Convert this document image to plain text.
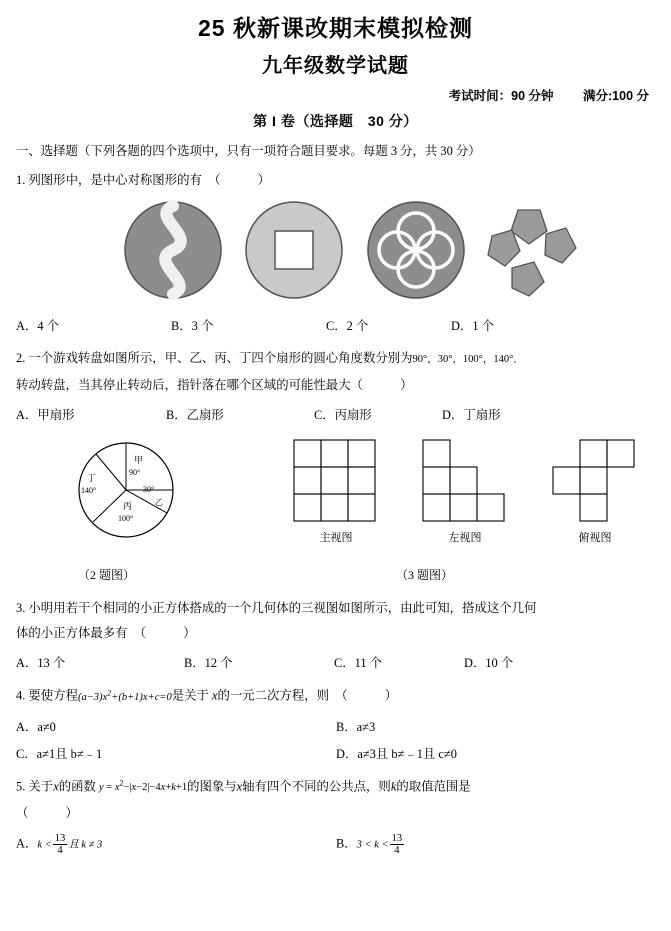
25 秋新课改期末模拟检测
九年级数学试题
考试时间：90 分钟 满分:100 分
第 I 卷（选择题　30 分）
一、选择题（下列各题的四个选项中，只有一项符合题目要求。每题 3 分，共 30 分）
1. 列图形中，是中心对称图形的有　（　　　）
A．4 个	B．3 个	C．2 个	D．1 个
2. 一个游戏转盘如图所示，甲、乙、丙、丁四个扇形的圆心角度数分别为90°，30°，100°，140°．
转动转盘，当其停止转动后，指针落在哪个区域的可能性最大（　　　）
A．甲扇形	B．乙扇形	C．丙扇形	D．丁扇形
甲
90°
30°
乙
丙
100°
丁
140°
主视图	左视图	俯视图
（2 题图）	（3 题图）
3. 小明用若干个相同的小正方体搭成的一个几何体的三视图如图所示，由此可知，搭成这个几何
体的小正方体最多有　（　　　）
A．13 个	B．12 个	C．11 个	D．10 个
4. 要使方程$(a-3)x^2+(b+1)x+c=0$是关于 x的一元二次方程，则　（　　　）
A．a≠0	B．a≠3
C．a≠1且 b≠﹣1	D．a≠3且 b≠﹣1且 c≠0
5. 关于x的函数 $y = x^2-|x-2|-4x+k+1$的图象与x轴有四个不同的公共点，则k的取值范围是
（　　　）
A．$k < \frac{13}{4}$ 且 k ≠ 3	B．$3 < k < \frac{13}{4}$
